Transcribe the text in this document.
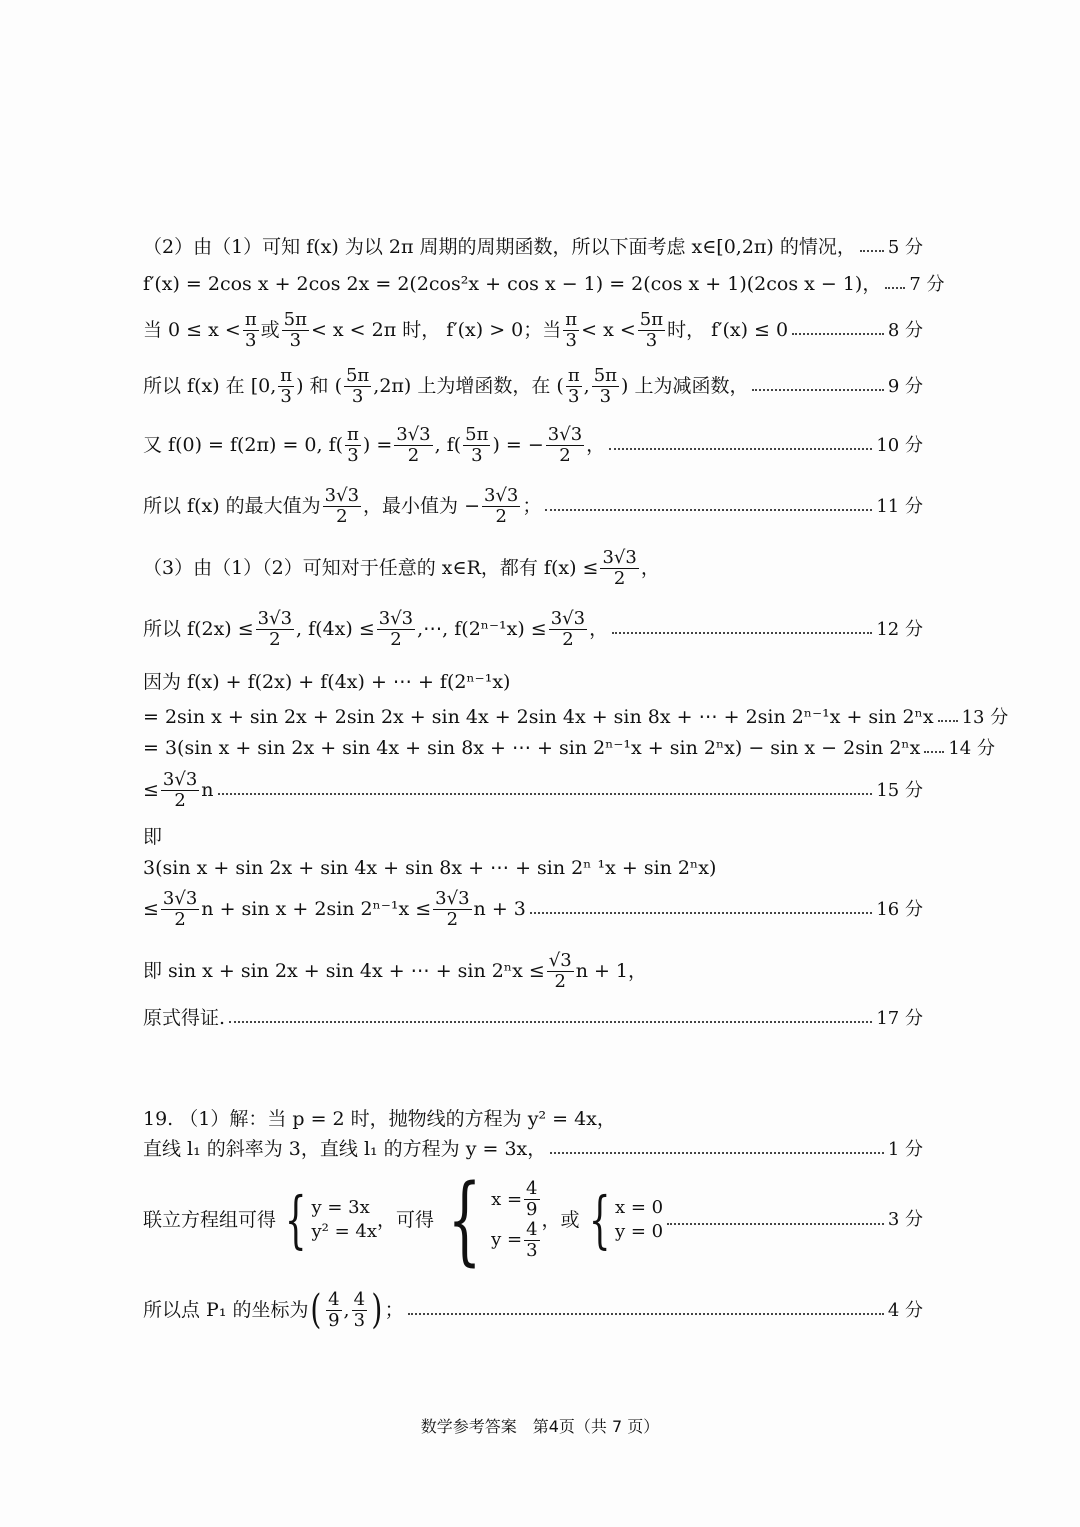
（2）由（1）可知 f(x) 为以 2π 周期的周期函数，所以下面考虑 x∈[0,2π) 的情况， 5 分
f′(x) = 2cos x + 2cos 2x = 2(2cos²x + cos x − 1) = 2(cos x + 1)(2cos x − 1)， 7 分
当 $0 \le x < \frac{\pi}{3}$ 或 $\frac{5\pi}{3} < x < 2\pi$ 时， f′(x) > 0；当 $\frac{\pi}{3} < x < \frac{5\pi}{3}$ 时， f′(x) ≤ 0	8 分
所以 f(x) 在 [0, $\frac{\pi}{3}$ ) 和 ( $\frac{5\pi}{3} ,2\pi$) 上为增函数，在 ( $\frac{\pi}{3}$ , $\frac{5\pi}{3}$ ) 上为减函数，	9 分
又 f(0) = f(2π) = 0, $f( \frac{\pi}{3}$ ) = $\frac{3√3}{2}$ , $f( \frac{5\pi}{3}$ ) = − $\frac{3√3}{2}$ ，	10 分
所以 f(x) 的最大值为 $\frac{3√3}{2}$ ，最小值为 − $\frac{3√3}{2}$ ；	11 分
（3）由（1）（2）可知对于任意的 x∈R，都有 $f(x) \le \frac{3√3}{2}$ ，
所以 $f(2x) \le \frac{3√3}{2}$ , $f(4x) \le \frac{3√3}{2}$ ,⋯, $f(2^{n-1}x) \le \frac{3√3}{2}$ ，	12 分
因为 f(x) + f(2x) + f(4x) + ⋯ + f(2ⁿ⁻¹x)
= 2sin x + sin 2x + 2sin 2x + sin 4x + 2sin 4x + sin 8x + ⋯ + 2sin 2ⁿ⁻¹x + sin 2ⁿx 13 分
= 3(sin x + sin 2x + sin 4x + sin 8x + ⋯ + sin 2ⁿ⁻¹x + sin 2ⁿx) − sin x − 2sin 2ⁿx 14 分
≤ $\frac{3√3}{2}$ n	15 分
即
3(sin x + sin 2x + sin 4x + sin 8x + ⋯ + sin 2ⁿ ¹x + sin 2ⁿx)
≤ $\frac{3√3}{2}$ n + sin x + 2sin $2^{n-1}x \le \frac{3√3}{2}$ n + 3	16 分
即 sin x + sin 2x + sin 4x + ⋯ + $\sin 2^nx \le \frac{√3}{2}$ n + 1，
原式得证.	17 分
19. （1）解：当 p = 2 时，抛物线的方程为 y² = 4x，
直线 l₁ 的斜率为 3，直线 l₁ 的方程为 y = 3x，	1 分
联立方程组可得 { y = 3x
y² = 4x
，可得 { $x = \frac{4}{9}$
$y = \frac{4}{3}$
，或 { x = 0
y = 0
3 分
所以点 P₁ 的坐标为 ( $\frac{4}{9}$ , $\frac{4}{3}$ ) ；	4 分
数学参考答案　第4页（共 7 页）
